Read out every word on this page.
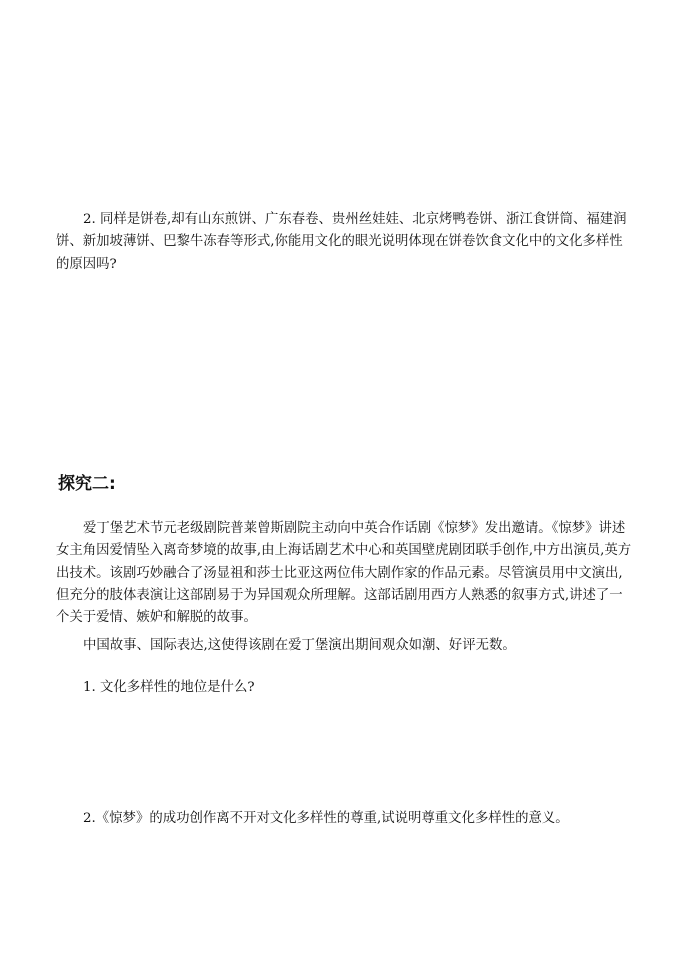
2. 同样是饼卷,却有山东煎饼、广东春卷、贵州丝娃娃、北京烤鸭卷饼、浙江食饼筒、福建润饼、新加坡薄饼、巴黎牛冻春等形式,你能用文化的眼光说明体现在饼卷饮食文化中的文化多样性的原因吗?

探究二:

爱丁堡艺术节元老级剧院普莱曾斯剧院主动向中英合作话剧《惊梦》发出邀请。《惊梦》讲述女主角因爱情坠入离奇梦境的故事,由上海话剧艺术中心和英国壁虎剧团联手创作,中方出演员,英方出技术。该剧巧妙融合了汤显祖和莎士比亚这两位伟大剧作家的作品元素。尽管演员用中文演出,但充分的肢体表演让这部剧易于为异国观众所理解。这部话剧用西方人熟悉的叙事方式,讲述了一个关于爱情、嫉妒和解脱的故事。

中国故事、国际表达,这使得该剧在爱丁堡演出期间观众如潮、好评无数。

1. 文化多样性的地位是什么?

2.《惊梦》的成功创作离不开对文化多样性的尊重,试说明尊重文化多样性的意义。
